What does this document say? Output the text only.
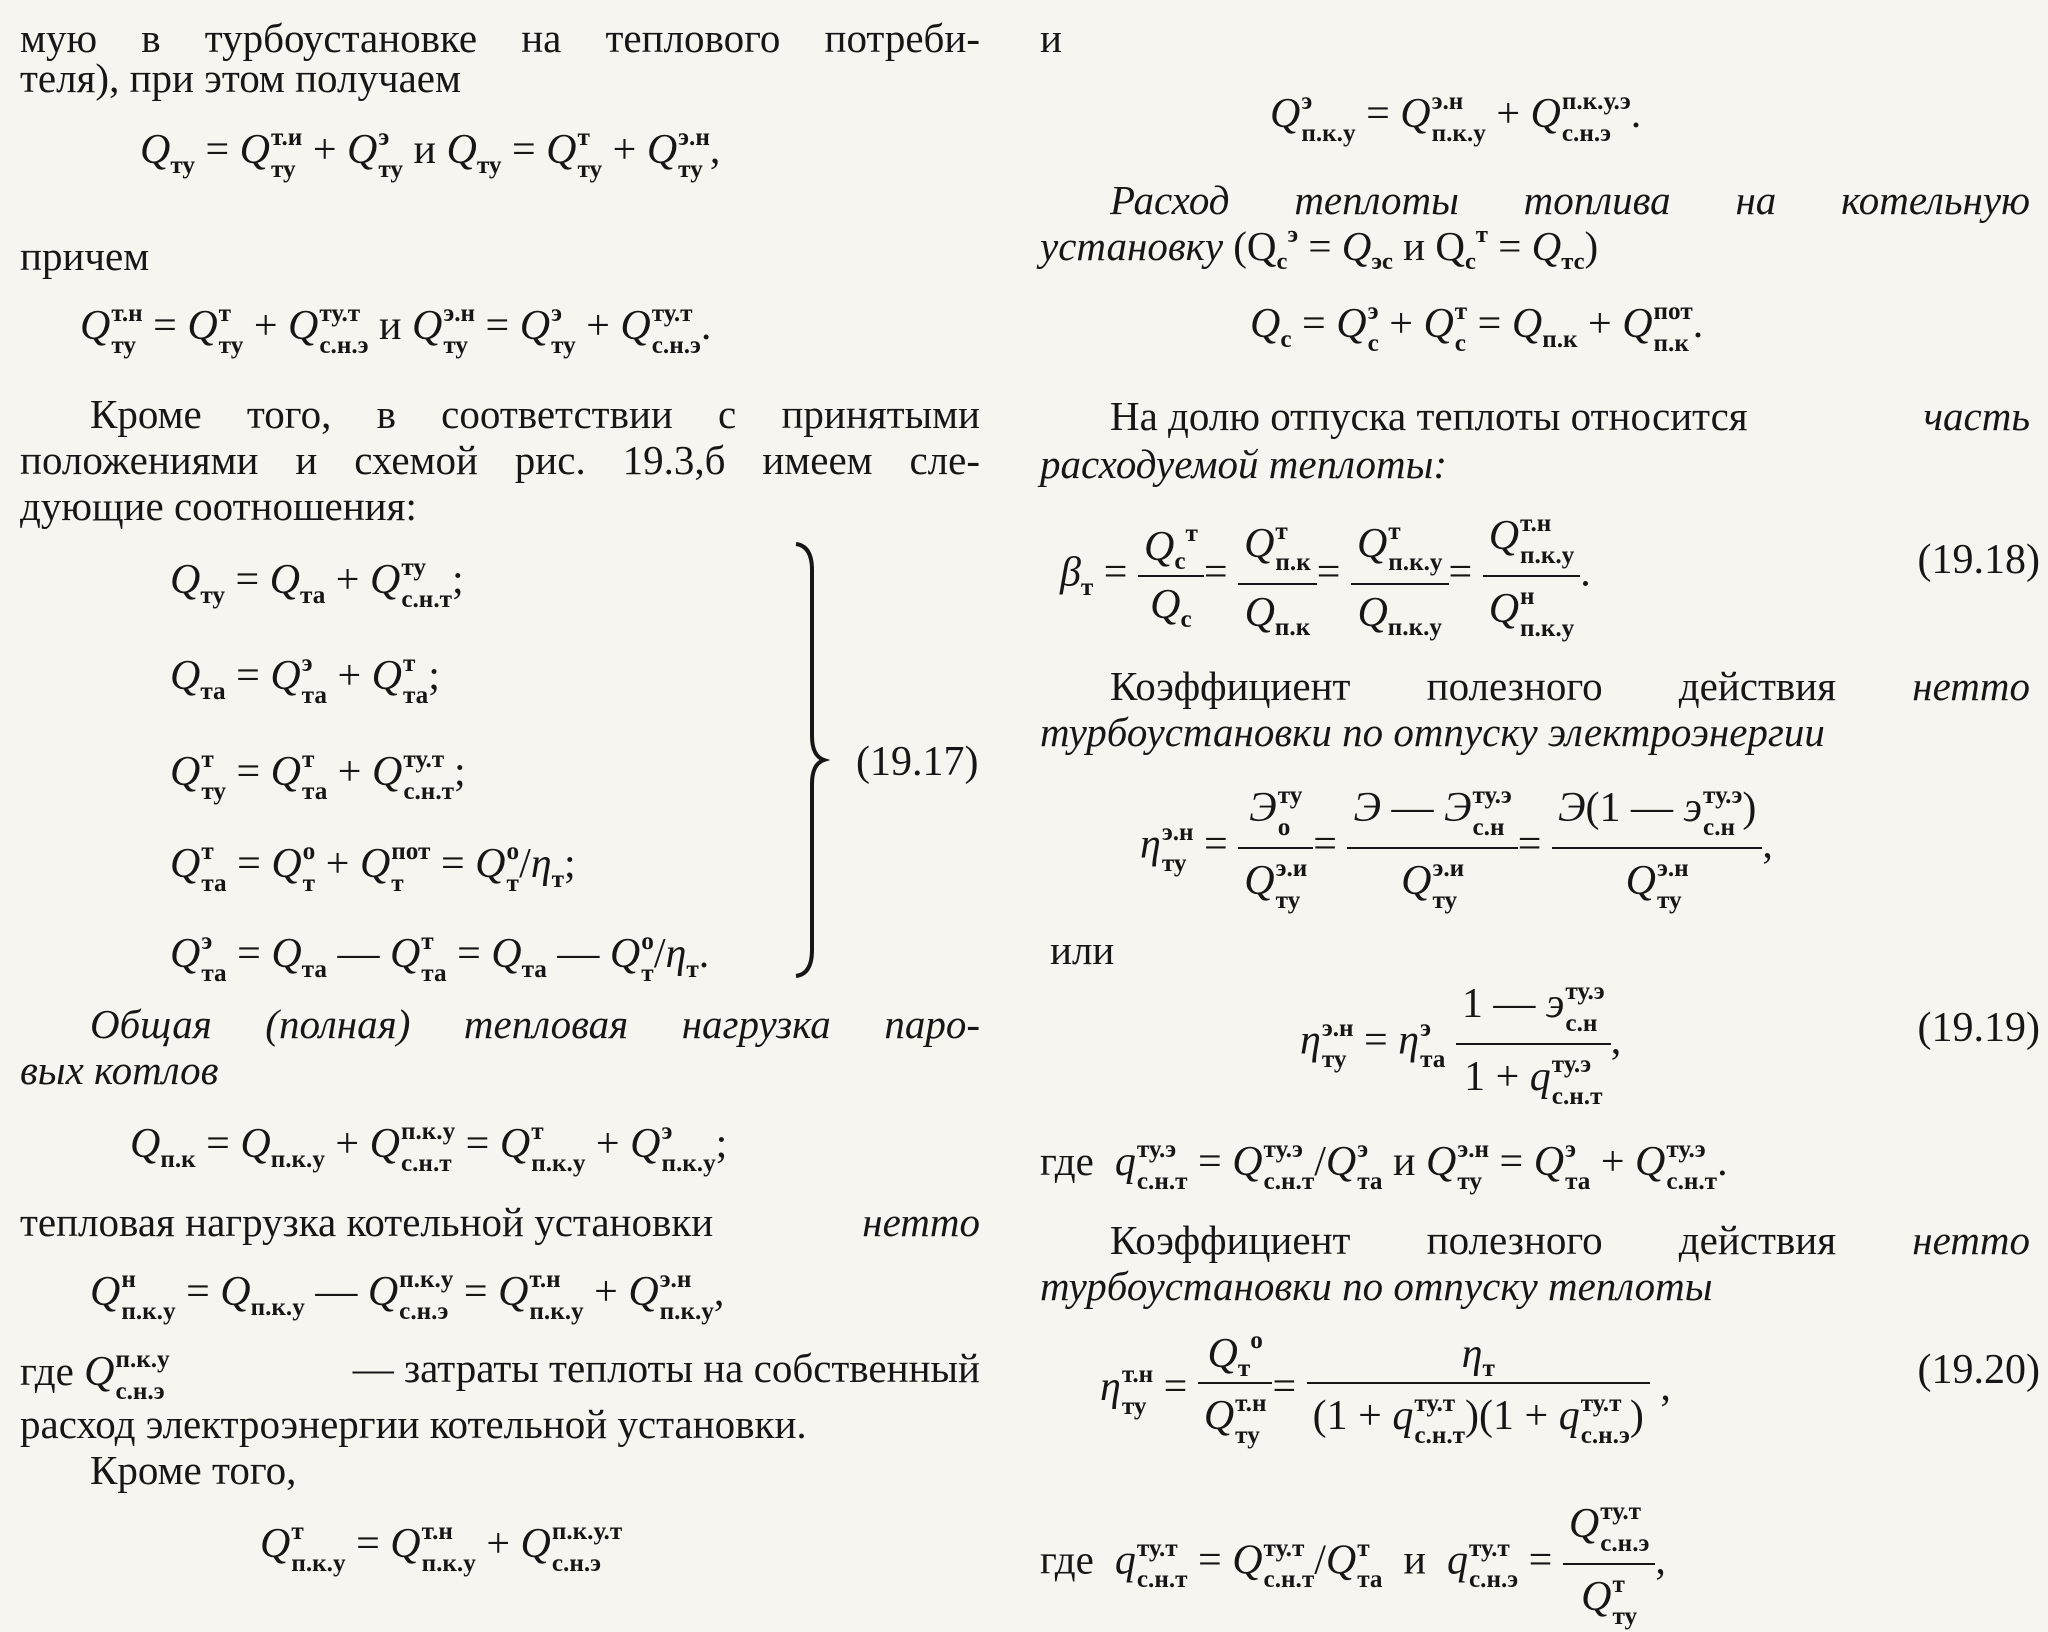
мую в турбоустановке на теплового потреби-
теля), при этом получаем
$Q_{ту} = Q$ т.и
ту + Q э
ту и $Q_{ту} = Q$ т
ту + Q э.н
ту ,
причем
Q т.н
ту = Q т
ту + Q ту.т
с.н.э и Q э.н
ту = Q э
ту + Q ту.т
с.н.э .
Кроме того, в соответствии с принятыми
положениями и схемой рис. 19.3,б имеем сле-
дующие соотношения:
$Q_{ту} = Q_{та} + Q$ ту
с.н.т ;
$Q_{та} = Q$ э
та + Q т
та ;
Q т
ту = Q т
та + Q ту.т
с.н.т ;
Q т
та = Q о
т + Q пот
т = Q о
т $/\eta_т$;
Q э
та = $Q_{та}$ — Q т
та = $Q_{та}$ — Q о
т $/\eta_т$.
(19.17)
Общая (полная) тепловая нагрузка паро-
вых котлов
$Q_{п.к} = Q_{п.к.у} + Q$ п.к.у
с.н.т = Q т
п.к.у + Q э
п.к.у ;
тепловая нагрузка котельной установки	нетто
Q н
$п.к.у = Q_{п.к.у}$ — Q п.к.у
с.н.э = Q т.н
п.к.у + Q э.н
п.к.у ,
где Q п.к.у
с.н.э	— затраты теплоты на собственный
расход электроэнергии котельной установки.
Кроме того,
Q т
п.к.у = Q т.н
п.к.у + Q п.к.у.т
с.н.э
и
Q э
п.к.у = Q э.н
п.к.у + Q п.к.у.э
с.н.э .
Расход теплоты топлива на котельную
установку ($Q_с^э = Q_{эс}$ и $Q_с^т = Q_{тс}$)
$Q_с = Q$ э
с + Q т
$с = Q_{п.к} + Q$ пот
п.к .
На долю отпуска теплоты относится	часть
расходуемой теплоты:
$\beta_т = \frac{Q_с^т}{Q_с} = Q$ т
п.к
$Q_{п.к} = Q$ т
п.к.у
$Q_{п.к.у} = Q$ т.н
п.к.у
Q н
п.к.у .	(19.18)
Коэффициент полезного действия нетто
турбоустановки по отпуску электроэнергии
η э.н
ту = Э ту
о
Q э.и
ту = Э — Э ту.э
с.н
Q э.и
ту = Э(1 — э ту.э
с.н )
Q э.н
ту ,
или
η э.н
ту = η э
та
1 — э ту.э
с.н
1 + q ту.э
с.н.т ,	(19.19)
где q ту.э
с.н.т = Q ту.э
с.н.т /Q э
та и Q э.н
ту = Q э
та + Q ту.э
с.н.т .
Коэффициент полезного действия нетто
турбоустановки по отпуску теплоты
η т.н
ту = $Q_т^о$
Q т.н
ту = $\eta_т$
(1 + q ту.т
с.н.т )(1 + q ту.т
с.н.э ) ,	(19.20)
где q ту.т
с.н.т = Q ту.т
с.н.т /Q т
та и q ту.т
с.н.э = Q ту.т
с.н.э
Q т
ту ,
